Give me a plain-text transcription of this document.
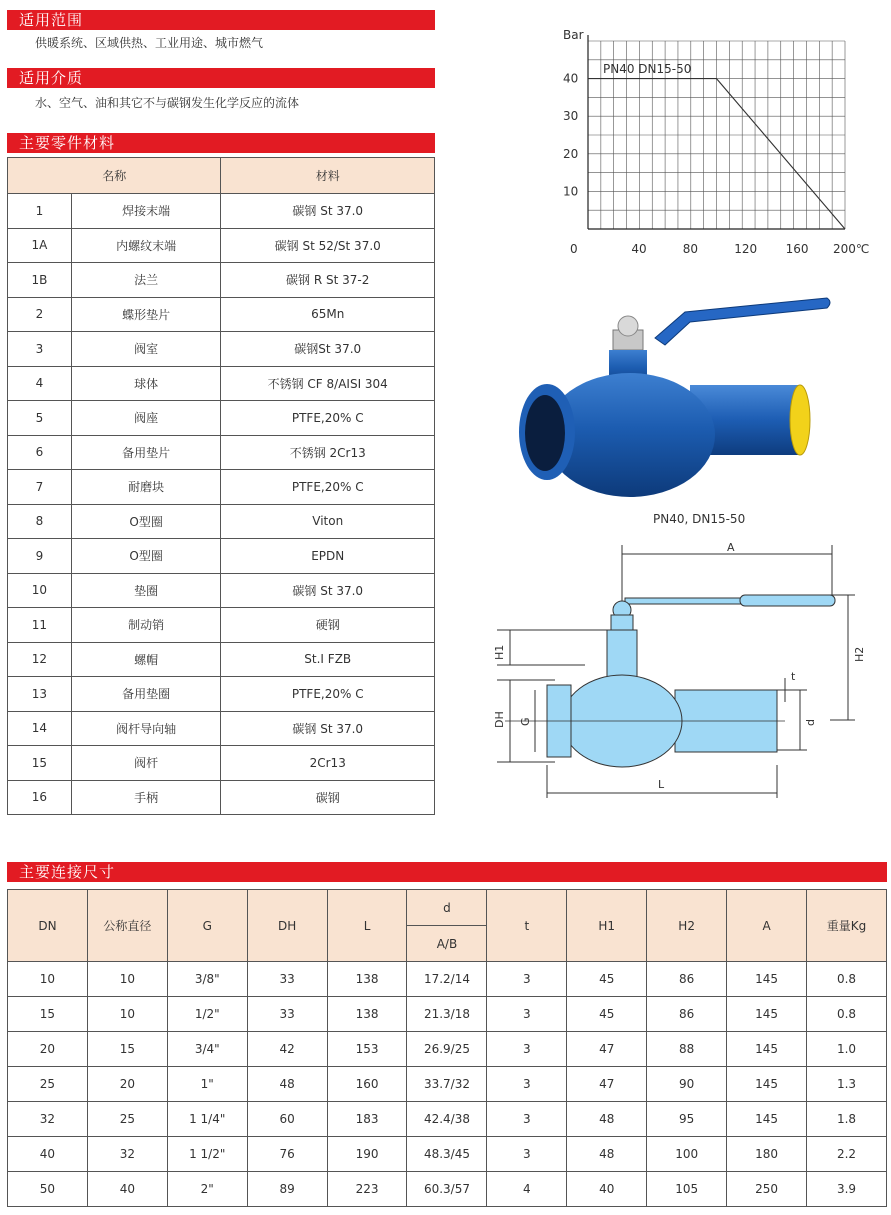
适用范围
供暖系统、区域供热、工业用途、城市燃气
适用介质
水、空气、油和其它不与碳钢发生化学反应的流体
主要零件材料
名称		材料
1	焊接末端	碳钢 St 37.0
1A	内螺纹末端	碳钢 St 52/St 37.0
1B	法兰	碳钢 R St 37-2
2	蝶形垫片	65Mn
3	阀室	碳钢St 37.0
4	球体	不锈钢 CF 8/AISI 304
5	阀座	PTFE,20% C
6	备用垫片	不锈钢 2Cr13
7	耐磨块	PTFE,20% C
8	O型圈	Viton
9	O型圈	EPDN
10	垫圈	碳钢 St 37.0
11	制动销	硬钢
12	螺帽	St.I FZB
13	备用垫圈	PTFE,20% C
14	阀杆导向轴	碳钢 St 37.0
15	阀杆	2Cr13
16	手柄	碳钢
0	40	80	120 160 200℃
10
20
30
40
Bar
PN40 DN15-50
PN40, DN15-50
A
H2
H1
DH G	d
t
L
主要连接尺寸
DN	公称直径	G	DH	L	d	t	H1	H2	A	重量Kg
					A/B					
10	10	3/8"	33	138	17.2/14	3	45	86	145	0.8
15	10	1/2"	33	138	21.3/18	3	45	86	145	0.8
20	15	3/4"	42	153	26.9/25	3	47	88	145	1.0
25	20	1"	48	160	33.7/32	3	47	90	145	1.3
32	25	1 1/4"	60	183	42.4/38	3	48	95	145	1.8
40	32	1 1/2"	76	190	48.3/45	3	48	100	180	2.2
50	40	2"	89	223	60.3/57	4	40	105	250	3.9
